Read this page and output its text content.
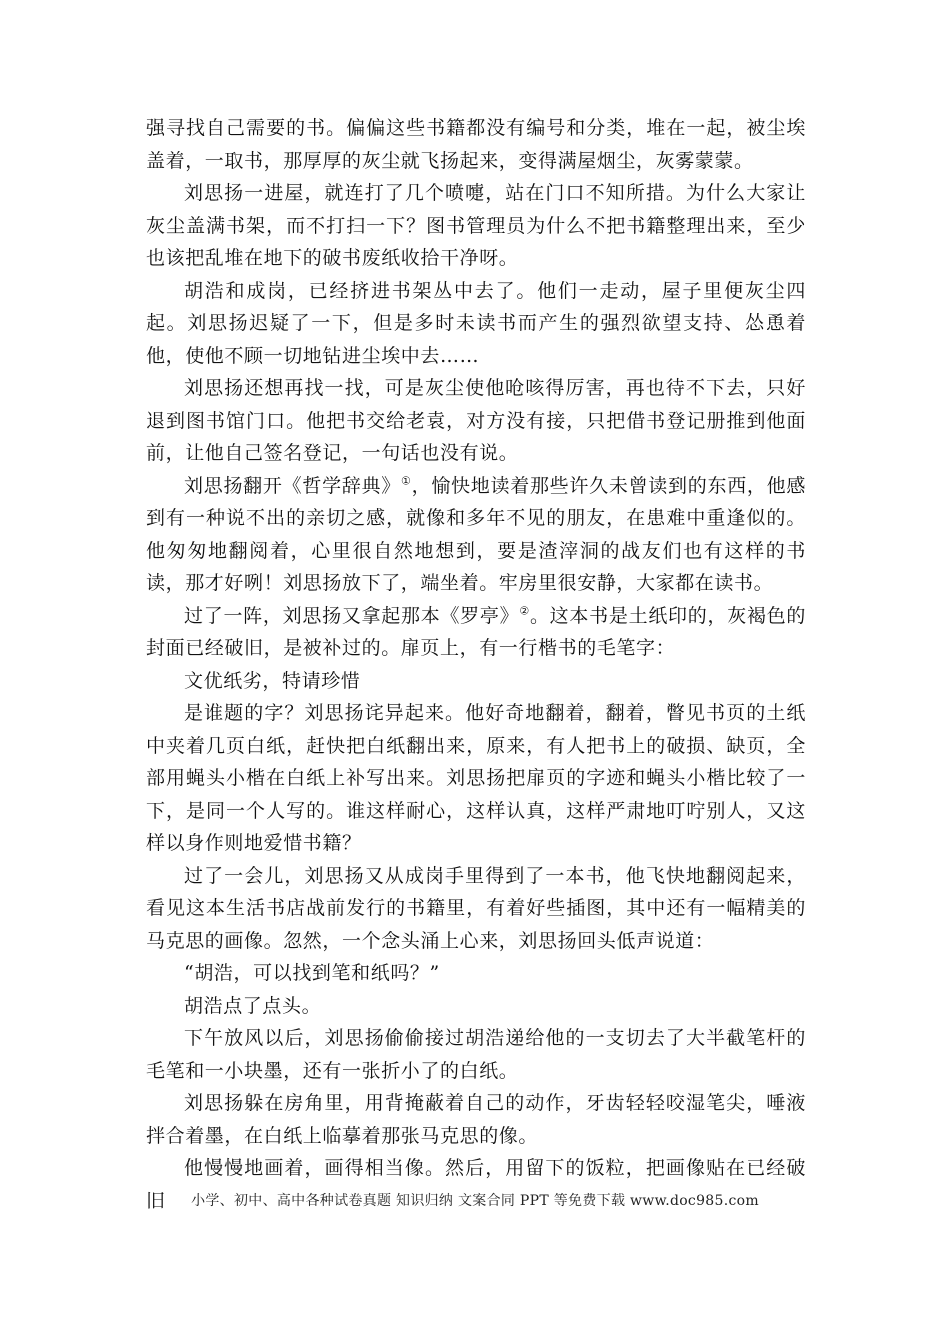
强寻找自己需要的书。偏偏这些书籍都没有编号和分类，堆在一起，被尘埃盖着，一取书，那厚厚的灰尘就飞扬起来，变得满屋烟尘，灰雾蒙蒙。

刘思扬一进屋，就连打了几个喷嚏，站在门口不知所措。为什么大家让灰尘盖满书架，而不打扫一下？图书管理员为什么不把书籍整理出来，至少也该把乱堆在地下的破书废纸收拾干净呀。

胡浩和成岗，已经挤进书架丛中去了。他们一走动，屋子里便灰尘四起。刘思扬迟疑了一下，但是多时未读书而产生的强烈欲望支持、怂恿着他，使他不顾一切地钻进尘埃中去……

刘思扬还想再找一找，可是灰尘使他呛咳得厉害，再也待不下去，只好退到图书馆门口。他把书交给老袁，对方没有接，只把借书登记册推到他面前，让他自己签名登记，一句话也没有说。

刘思扬翻开《哲学辞典》①，愉快地读着那些许久未曾读到的东西，他感到有一种说不出的亲切之感，就像和多年不见的朋友，在患难中重逢似的。他匆匆地翻阅着，心里很自然地想到，要是渣滓洞的战友们也有这样的书读，那才好咧！刘思扬放下了，端坐着。牢房里很安静，大家都在读书。

过了一阵，刘思扬又拿起那本《罗亭》②。这本书是土纸印的，灰褐色的封面已经破旧，是被补过的。扉页上，有一行楷书的毛笔字：

文优纸劣，特请珍惜

是谁题的字？刘思扬诧异起来。他好奇地翻着，翻着，瞥见书页的土纸中夹着几页白纸，赶快把白纸翻出来，原来，有人把书上的破损、缺页，全部用蝇头小楷在白纸上补写出来。刘思扬把扉页的字迹和蝇头小楷比较了一下，是同一个人写的。谁这样耐心，这样认真，这样严肃地叮咛别人，又这样以身作则地爱惜书籍？

过了一会儿，刘思扬又从成岗手里得到了一本书，他飞快地翻阅起来，看见这本生活书店战前发行的书籍里，有着好些插图，其中还有一幅精美的马克思的画像。忽然，一个念头涌上心来，刘思扬回头低声说道：

“胡浩，可以找到笔和纸吗？”

胡浩点了点头。

下午放风以后，刘思扬偷偷接过胡浩递给他的一支切去了大半截笔杆的毛笔和一小块墨，还有一张折小了的白纸。

刘思扬躲在房角里，用背掩蔽着自己的动作，牙齿轻轻咬湿笔尖，唾液拌合着墨，在白纸上临摹着那张马克思的像。

他慢慢地画着，画得相当像。然后，用留下的饭粒，把画像贴在已经破旧	小学、初中、高中各种试卷真题 知识归纳 文案合同 PPT 等免费下载 www.doc985.com
